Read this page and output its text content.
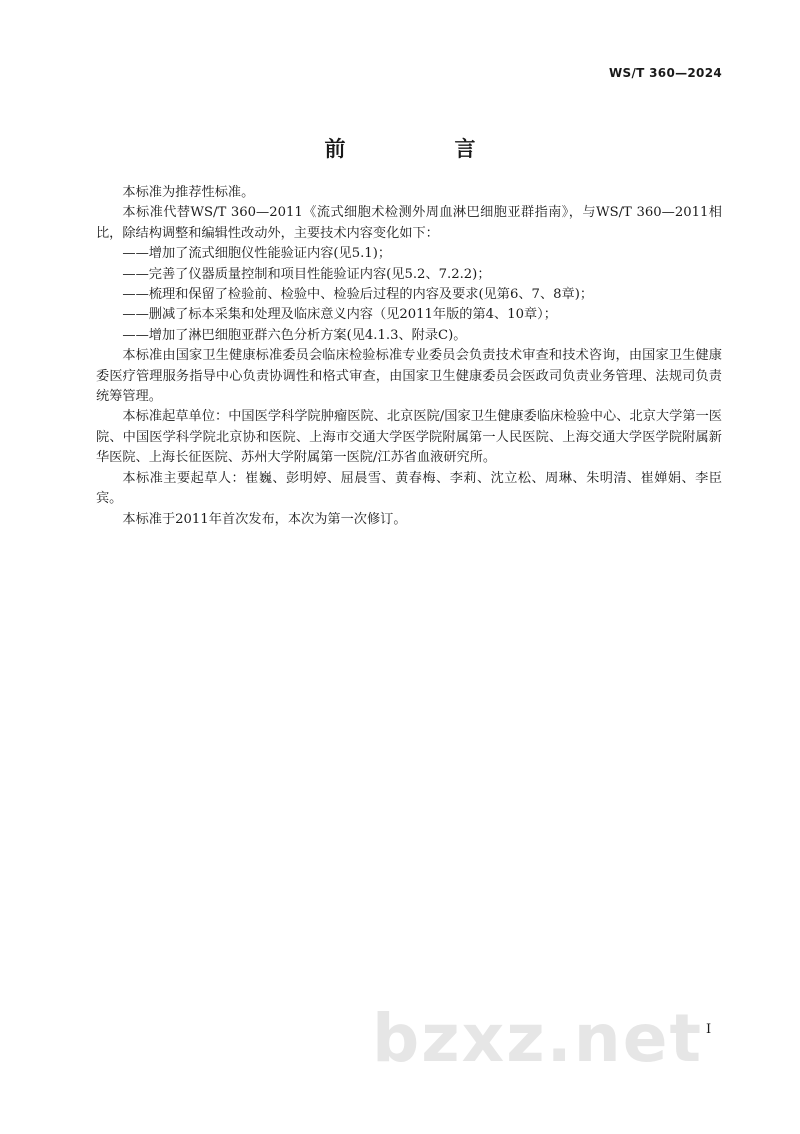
WS/T 360—2024
前　言

本标准为推荐性标准。

本标准代替WS/T 360—2011《流式细胞术检测外周血淋巴细胞亚群指南》，与WS/T 360—2011相比，除结构调整和编辑性改动外，主要技术内容变化如下：

——增加了流式细胞仪性能验证内容(见5.1)；

——完善了仪器质量控制和项目性能验证内容(见5.2、7.2.2)；

——梳理和保留了检验前、检验中、检验后过程的内容及要求(见第6、7、8章)；

——删减了标本采集和处理及临床意义内容（见2011年版的第4、10章）；

——增加了淋巴细胞亚群六色分析方案(见4.1.3、附录C)。

本标准由国家卫生健康标准委员会临床检验标准专业委员会负责技术审查和技术咨询，由国家卫生健康委医疗管理服务指导中心负责协调性和格式审查，由国家卫生健康委员会医政司负责业务管理、法规司负责统筹管理。

本标准起草单位：中国医学科学院肿瘤医院、北京医院/国家卫生健康委临床检验中心、北京大学第一医院、中国医学科学院北京协和医院、上海市交通大学医学院附属第一人民医院、上海交通大学医学院附属新华医院、上海长征医院、苏州大学附属第一医院/江苏省血液研究所。

本标准主要起草人：崔巍、彭明婷、屈晨雪、黄春梅、李莉、沈立松、周琳、朱明清、崔婵娟、李臣宾。

本标准于2011年首次发布，本次为第一次修订。

bzxz.net I
